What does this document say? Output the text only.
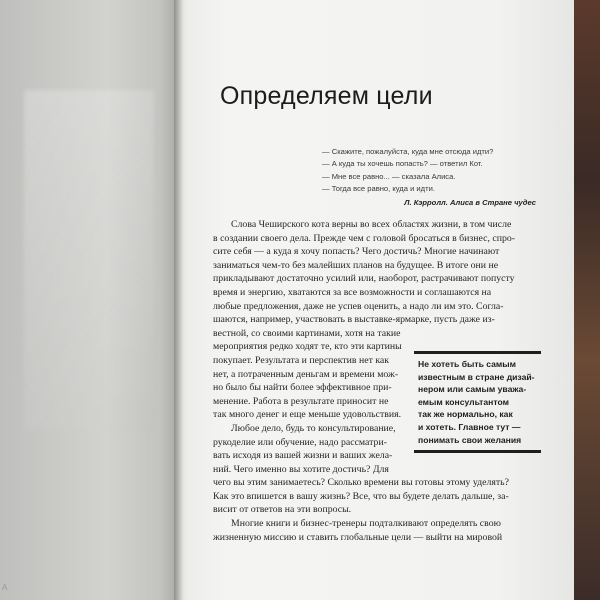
Определяем цели
— Скажите, пожалуйста, куда мне отсюда идти?
— А куда ты хочешь попасть? — ответил Кот.
— Мне все равно... — сказала Алиса.
— Тогда все равно, куда и идти.
Л. Кэрролл. Алиса в Стране чудес
Слова Чеширского кота верны во всех областях жизни, в том числе
в создании своего дела. Прежде чем с головой бросаться в бизнес, спро-
сите себя — а куда я хочу попасть? Чего достичь? Многие начинают
заниматься чем-то без малейших планов на будущее. В итоге они не
прикладывают достаточно усилий или, наоборот, растрачивают попусту
время и энергию, хватаются за все возможности и соглашаются на
любые предложения, даже не успев оценить, а надо ли им это. Согла-
шаются, например, участвовать в выставке-ярмарке, пусть даже из-
вестной, со своими картинами, хотя на такие
мероприятия редко ходят те, кто эти картины
покупает. Результата и перспектив нет как
нет, а потраченным деньгам и времени мож-
но было бы найти более эффективное при-
менение. Работа в результате приносит не
так много денег и еще меньше удовольствия.
Любое дело, будь то консультирование,
рукоделие или обучение, надо рассматри-
вать исходя из вашей жизни и ваших жела-
ний. Чего именно вы хотите достичь? Для
чего вы этим занимаетесь? Сколько времени вы готовы этому уделять?
Как это впишется в вашу жизнь? Все, что вы будете делать дальше, за-
висит от ответов на эти вопросы.
Многие книги и бизнес-тренеры подталкивают определять свою
жизненную миссию и ставить глобальные цели — выйти на мировой
Не хотеть быть самым
известным в стране дизай-
нером или самым уважа-
емым консультантом
так же нормально, как
и хотеть. Главное тут —
понимать свои желания
A
